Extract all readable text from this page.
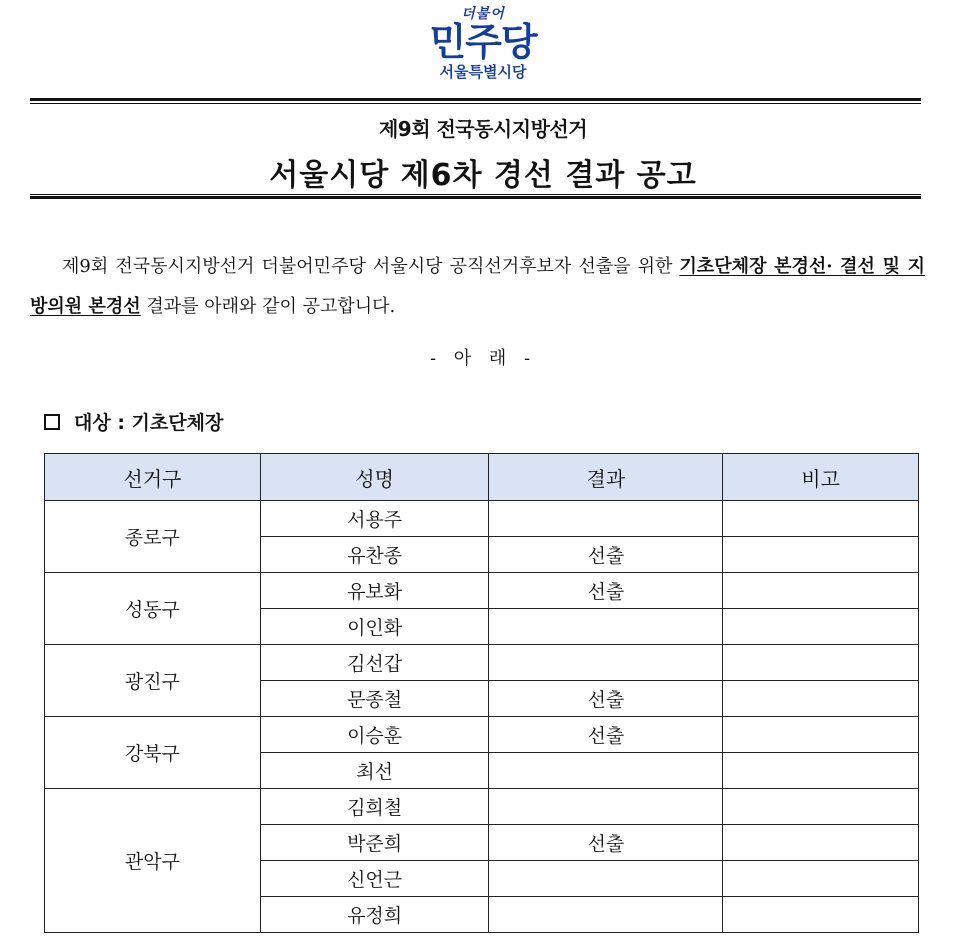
더불어
민주당
서울특별시당
제9회 전국동시지방선거
서울시당 제6차 경선 결과 공고

제9회 전국동시지방선거 더불어민주당 서울시당 공직선거후보자 선출을 위한 기초단체장 본경선· 결선 및 지방의원 본경선 결과를 아래와 같이 공고합니다.

- 아 래 -
대상 : 기초단체장
선거구	성명	결과	비고
종로구	서용주		
	유찬종	선출	
성동구	유보화	선출	
	이인화		
광진구	김선갑		
	문종철	선출	
강북구	이승훈	선출	
	최선		
관악구	김희철		
	박준희	선출	
	신언근		
	유정희		
